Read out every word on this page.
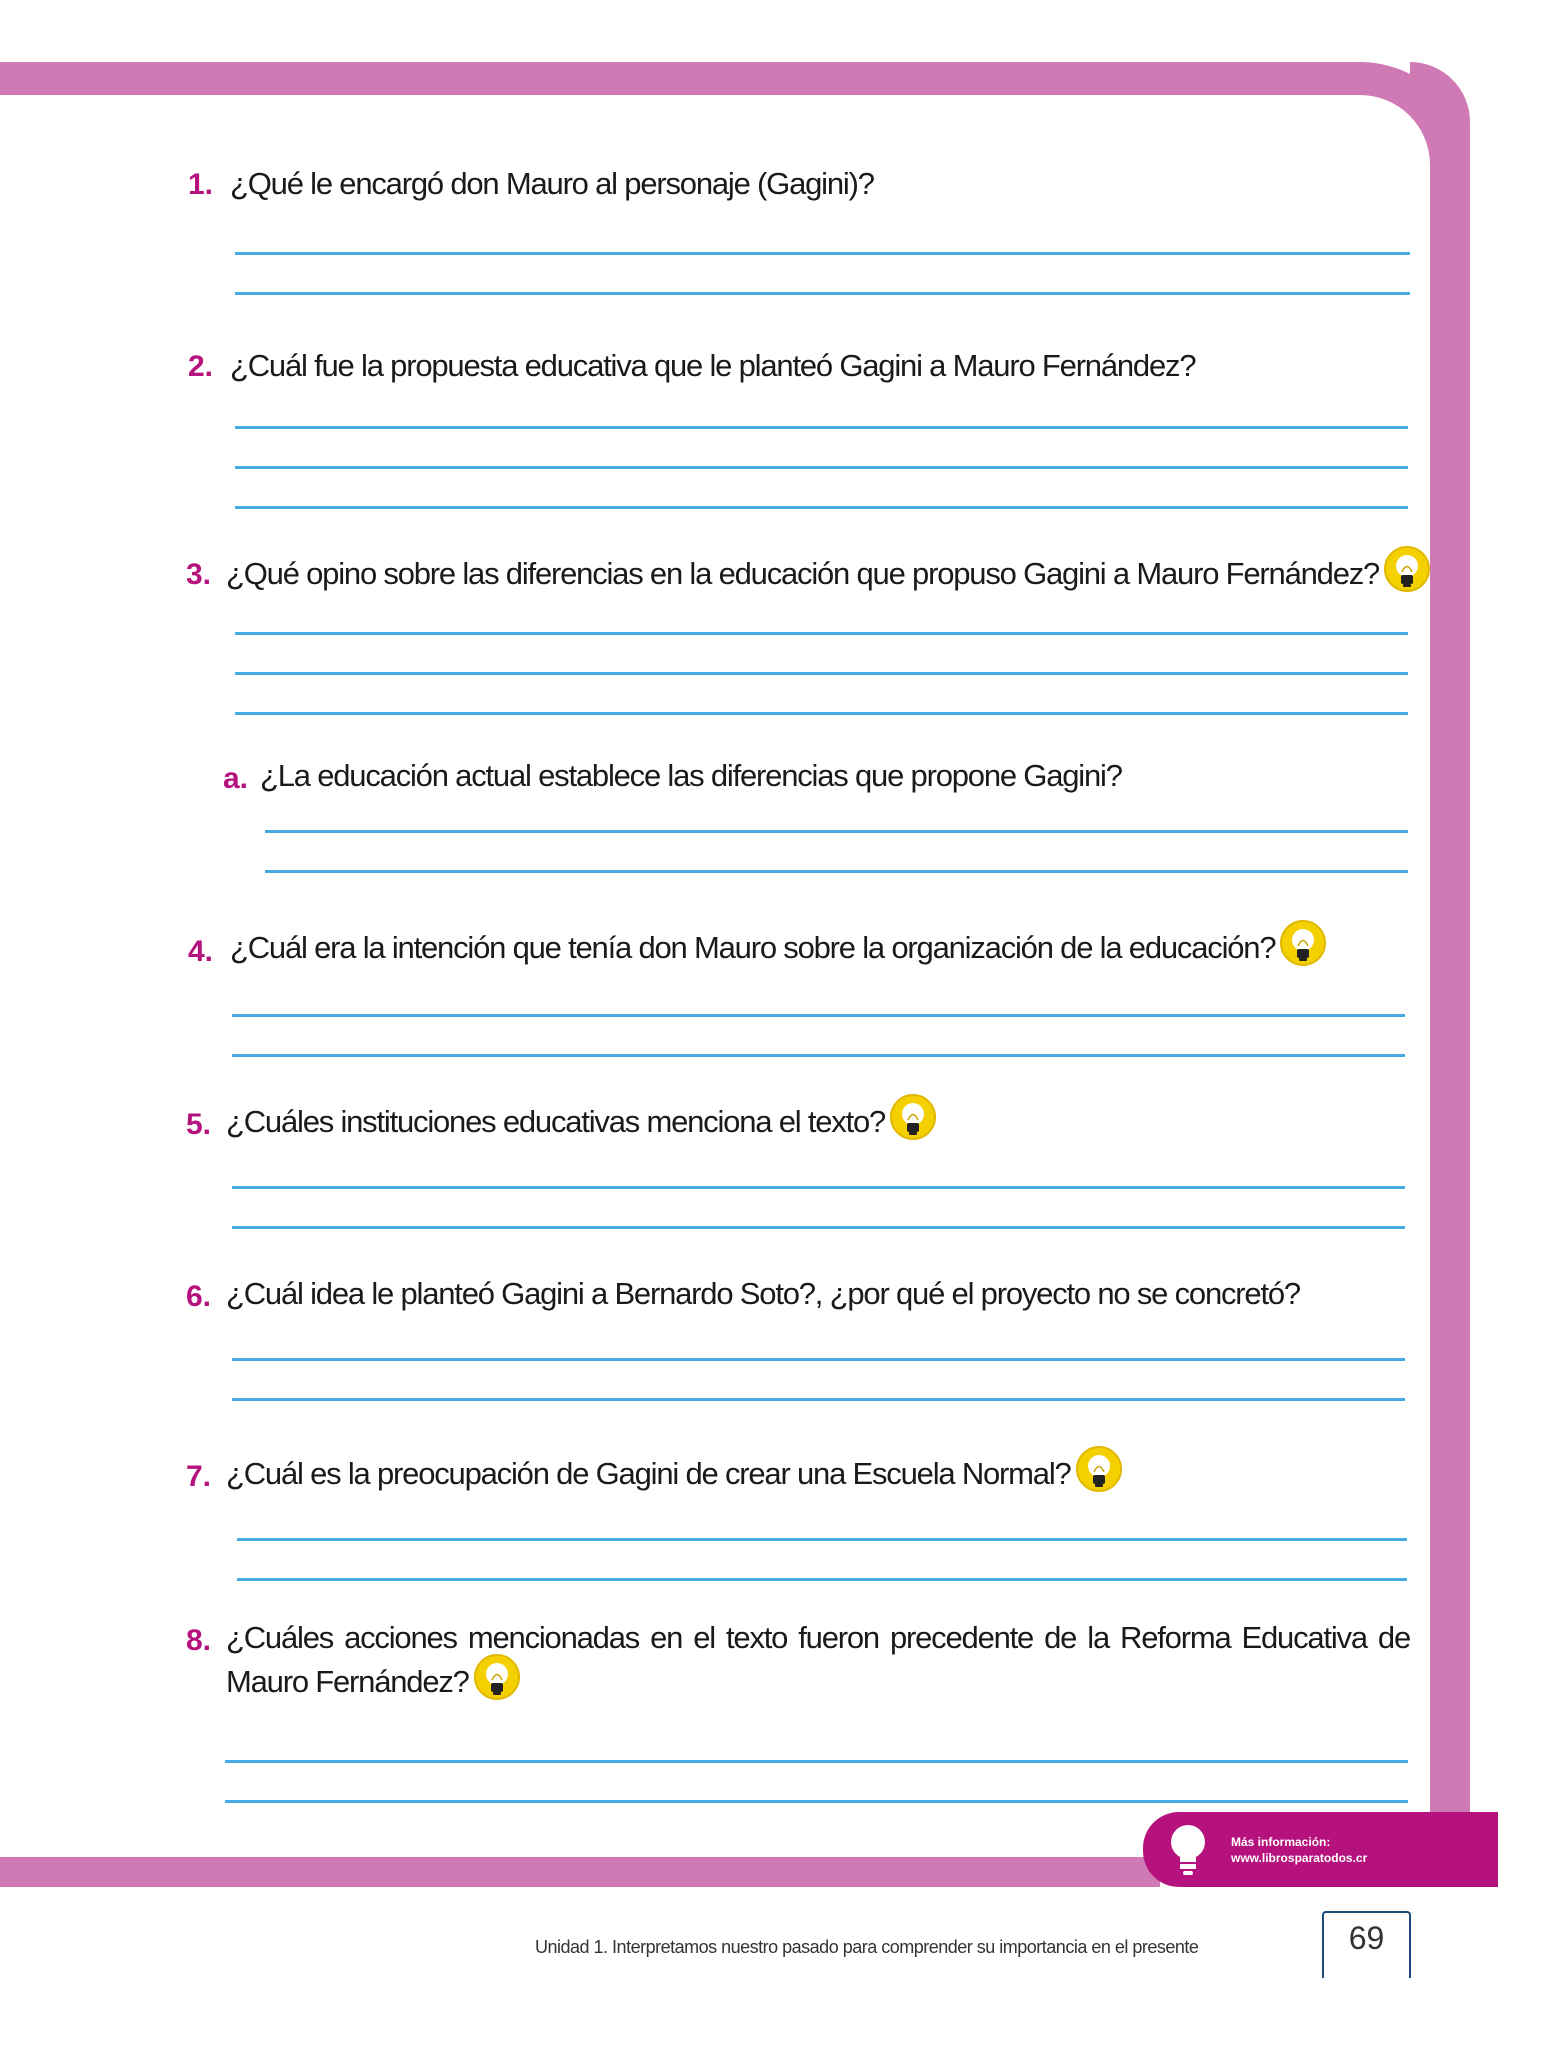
1. ¿Qué le encargó don Mauro al personaje (Gagini)?
2. ¿Cuál fue la propuesta educativa que le planteó Gagini a Mauro Fernández?
3. ¿Qué opino sobre las diferencias en la educación que propuso Gagini a Mauro Fernández?
a. ¿La educación actual establece las diferencias que propone Gagini?
4. ¿Cuál era la intención que tenía don Mauro sobre la organización de la educación?
5. ¿Cuáles instituciones educativas menciona el texto?
6. ¿Cuál idea le planteó Gagini a Bernardo Soto?, ¿por qué el proyecto no se concretó?
7. ¿Cuál es la preocupación de Gagini de crear una Escuela Normal?
8. ¿Cuáles acciones mencionadas en el texto fueron precedente de la Reforma Educativa de
Mauro Fernández?
Más información:
www.librosparatodos.cr
Unidad 1. Interpretamos nuestro pasado para comprender su importancia en el presente	69
